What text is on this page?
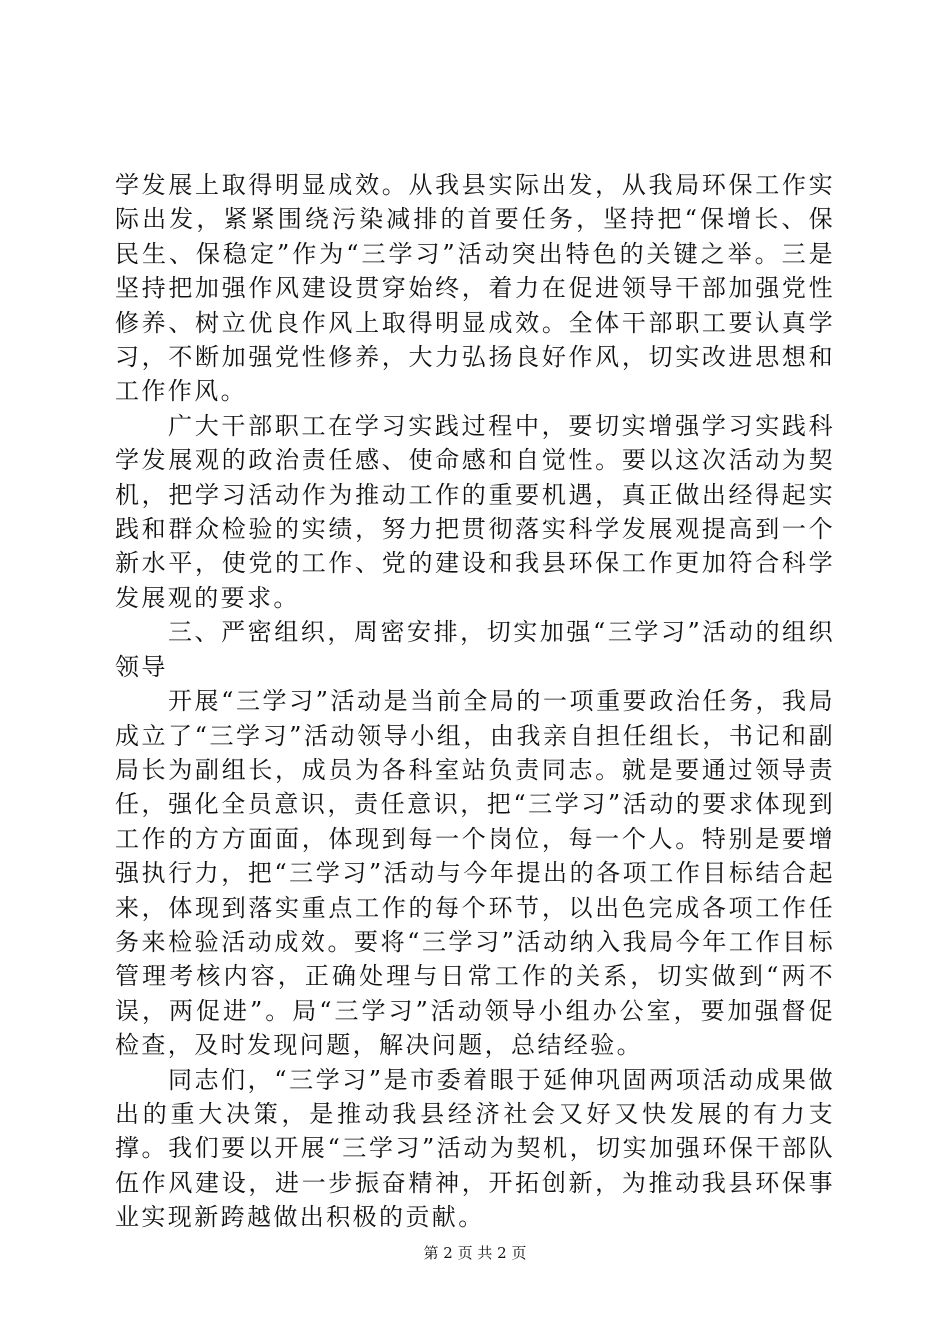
学发展上取得明显成效。从我县实际出发，从我局环保工作实际出发，紧紧围绕污染减排的首要任务，坚持把“保增长、保民生、保稳定”作为“三学习”活动突出特色的关键之举。三是坚持把加强作风建设贯穿始终，着力在促进领导干部加强党性修养、树立优良作风上取得明显成效。全体干部职工要认真学习，不断加强党性修养，大力弘扬良好作风，切实改进思想和工作作风。

广大干部职工在学习实践过程中，要切实增强学习实践科学发展观的政治责任感、使命感和自觉性。要以这次活动为契机，把学习活动作为推动工作的重要机遇，真正做出经得起实践和群众检验的实绩，努力把贯彻落实科学发展观提高到一个新水平，使党的工作、党的建设和我县环保工作更加符合科学发展观的要求。

三、严密组织，周密安排，切实加强“三学习”活动的组织领导

开展“三学习”活动是当前全局的一项重要政治任务，我局成立了“三学习”活动领导小组，由我亲自担任组长，书记和副局长为副组长，成员为各科室站负责同志。就是要通过领导责任，强化全员意识，责任意识，把“三学习”活动的要求体现到工作的方方面面，体现到每一个岗位，每一个人。特别是要增强执行力，把“三学习”活动与今年提出的各项工作目标结合起来，体现到落实重点工作的每个环节，以出色完成各项工作任务来检验活动成效。要将“三学习”活动纳入我局今年工作目标管理考核内容，正确处理与日常工作的关系，切实做到“两不误，两促进”。局“三学习”活动领导小组办公室，要加强督促检查，及时发现问题，解决问题，总结经验。

同志们，“三学习”是市委着眼于延伸巩固两项活动成果做出的重大决策，是推动我县经济社会又好又快发展的有力支撑。我们要以开展“三学习”活动为契机，切实加强环保干部队伍作风建设，进一步振奋精神，开拓创新，为推动我县环保事业实现新跨越做出积极的贡献。

第 2 页 共 2 页
